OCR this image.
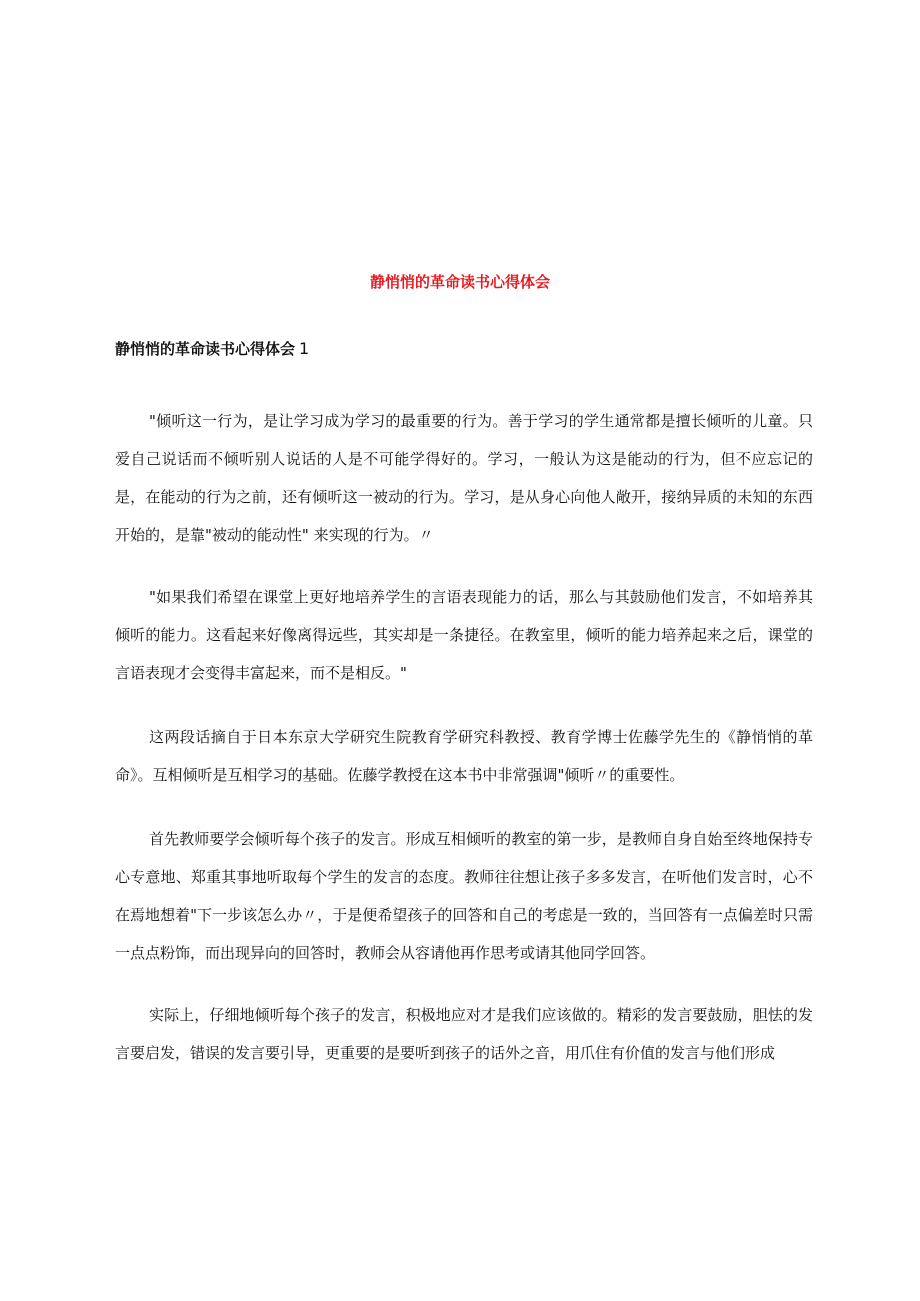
静悄悄的革命读书心得体会
静悄悄的革命读书心得体会 1

"倾听这一行为，是让学习成为学习的最重要的行为。善于学习的学生通常都是擅长倾听的儿童。只爱自己说话而不倾听别人说话的人是不可能学得好的。学习，一般认为这是能动的行为，但不应忘记的是，在能动的行为之前，还有倾听这一被动的行为。学习，是从身心向他人敞开，接纳异质的未知的东西开始的，是靠"被动的能动性" 来实现的行为。〃

"如果我们希望在课堂上更好地培养学生的言语表现能力的话，那么与其鼓励他们发言，不如培养其倾听的能力。这看起来好像离得远些，其实却是一条捷径。在教室里，倾听的能力培养起来之后，课堂的言语表现才会变得丰富起来，而不是相反。"

这两段话摘自于日本东京大学研究生院教育学研究科教授、教育学博士佐藤学先生的《静悄悄的革命》。互相倾听是互相学习的基础。佐藤学教授在这本书中非常强调"倾听〃的重要性。

首先教师要学会倾听每个孩子的发言。形成互相倾听的教室的第一步，是教师自身自始至终地保持专心专意地、郑重其事地听取每个学生的发言的态度。教师往往想让孩子多多发言，在听他们发言时，心不在焉地想着"下一步该怎么办〃，于是便希望孩子的回答和自己的考虑是一致的，当回答有一点偏差时只需一点点粉饰，而出现异向的回答时，教师会从容请他再作思考或请其他同学回答。

实际上，仔细地倾听每个孩子的发言，积极地应对才是我们应该做的。精彩的发言要鼓励，胆怯的发言要启发，错误的发言要引导，更重要的是要听到孩子的话外之音，用爪住有价值的发言与他们形成
